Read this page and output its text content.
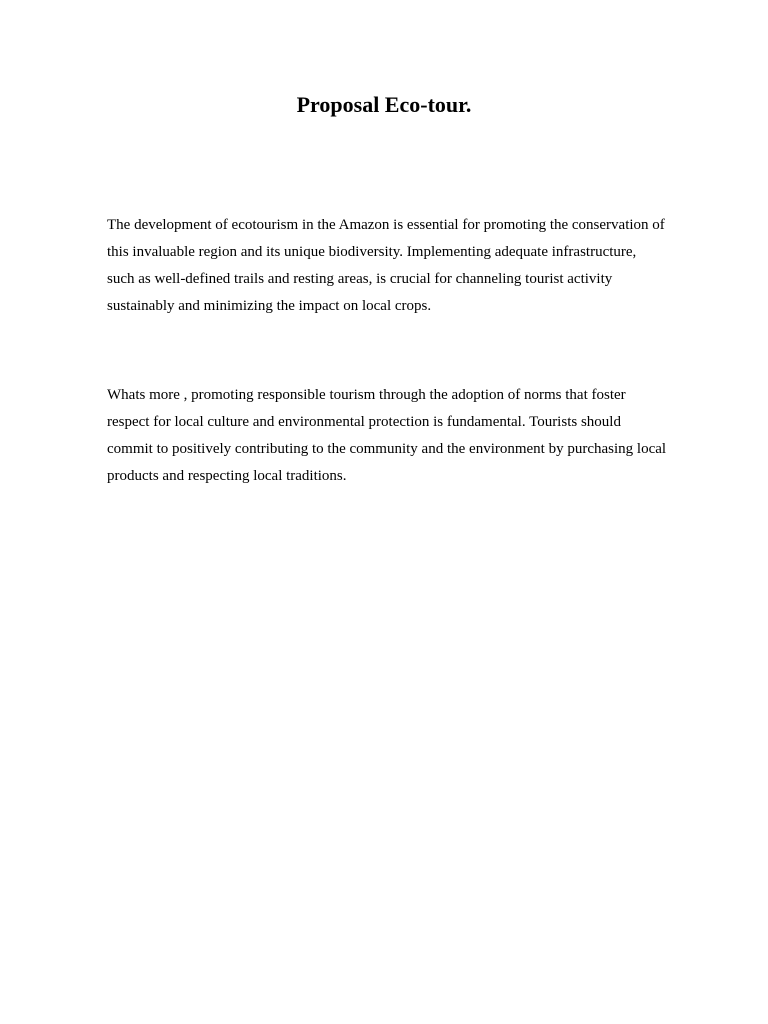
Proposal Eco-tour.

The development of ecotourism in the Amazon is essential for promoting the conservation of this invaluable region and its unique biodiversity. Implementing adequate infrastructure, such as well-defined trails and resting areas, is crucial for channeling tourist activity sustainably and minimizing the impact on local crops.

Whats more , promoting responsible tourism through the adoption of norms that foster respect for local culture and environmental protection is fundamental. Tourists should commit to positively contributing to the community and the environment by purchasing local products and respecting local traditions.
